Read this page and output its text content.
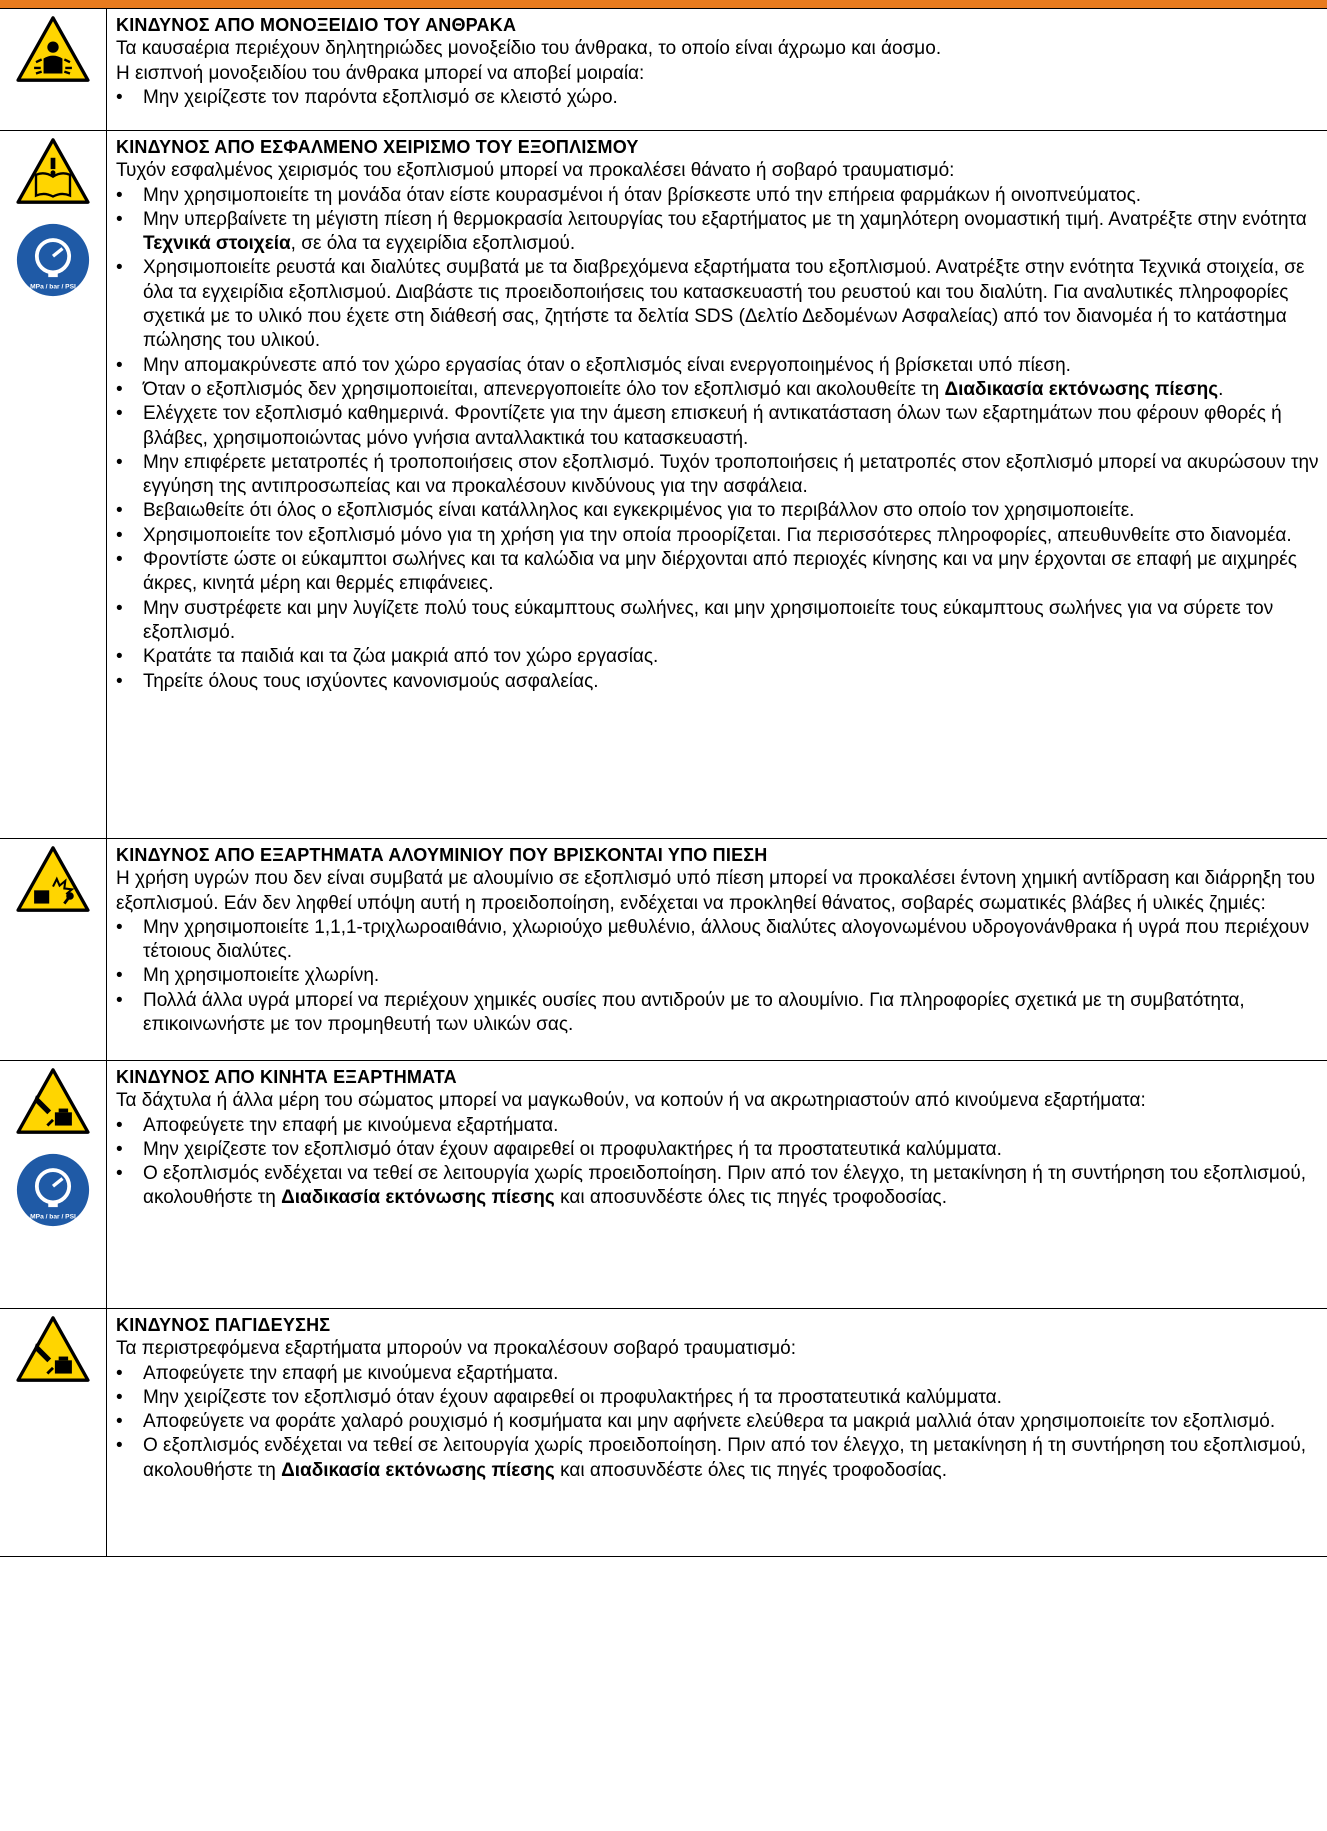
ΚΙΝΔΥΝΟΣ ΑΠΟ ΜΟΝΟΞΕΙΔΙΟ ΤΟΥ ΑΝΘΡΑΚΑ
Τα καυσαέρια περιέχουν δηλητηριώδες μονοξείδιο του άνθρακα, το οποίο είναι άχρωμο και άοσμο.
Η εισπνοή μονοξειδίου του άνθρακα μπορεί να αποβεί μοιραία:
•	Μην χειρίζεστε τον παρόντα εξοπλισμό σε κλειστό χώρο.
MPa / bar / PSI
ΚΙΝΔΥΝΟΣ ΑΠΟ ΕΣΦΑΛΜΕΝΟ ΧΕΙΡΙΣΜΟ ΤΟΥ ΕΞΟΠΛΙΣΜΟΥ
Τυχόν εσφαλμένος χειρισμός του εξοπλισμού μπορεί να προκαλέσει θάνατο ή σοβαρό τραυματισμό:
•	Μην χρησιμοποιείτε τη μονάδα όταν είστε κουρασμένοι ή όταν βρίσκεστε υπό την επήρεια φαρμάκων ή οινοπνεύματος.
•	Μην υπερβαίνετε τη μέγιστη πίεση ή θερμοκρασία λειτουργίας του εξαρτήματος με τη χαμηλότερη ονομαστική τιμή. Ανατρέξτε στην ενότητα Τεχνικά στοιχεία, σε όλα τα εγχειρίδια εξοπλισμού.
•	Χρησιμοποιείτε ρευστά και διαλύτες συμβατά με τα διαβρεχόμενα εξαρτήματα του εξοπλισμού. Ανατρέξτε στην ενότητα Τεχνικά στοιχεία, σε όλα τα εγχειρίδια εξοπλισμού. Διαβάστε τις προειδοποιήσεις του κατασκευαστή του ρευστού και του διαλύτη. Για αναλυτικές πληροφορίες σχετικά με το υλικό που έχετε στη διάθεσή σας, ζητήστε τα δελτία SDS (Δελτίο Δεδομένων Ασφαλείας) από τον διανομέα ή το κατάστημα πώλησης του υλικού.
•	Μην απομακρύνεστε από τον χώρο εργασίας όταν ο εξοπλισμός είναι ενεργοποιημένος ή βρίσκεται υπό πίεση.
•	Όταν ο εξοπλισμός δεν χρησιμοποιείται, απενεργοποιείτε όλο τον εξοπλισμό και ακολουθείτε τη Διαδικασία εκτόνωσης πίεσης.
•	Ελέγχετε τον εξοπλισμό καθημερινά. Φροντίζετε για την άμεση επισκευή ή αντικατάσταση όλων των εξαρτημάτων που φέρουν φθορές ή βλάβες, χρησιμοποιώντας μόνο γνήσια ανταλλακτικά του κατασκευαστή.
•	Μην επιφέρετε μετατροπές ή τροποποιήσεις στον εξοπλισμό. Τυχόν τροποποιήσεις ή μετατροπές στον εξοπλισμό μπορεί να ακυρώσουν την εγγύηση της αντιπροσωπείας και να προκαλέσουν κινδύνους για την ασφάλεια.
•	Βεβαιωθείτε ότι όλος ο εξοπλισμός είναι κατάλληλος και εγκεκριμένος για το περιβάλλον στο οποίο τον χρησιμοποιείτε.
•	Χρησιμοποιείτε τον εξοπλισμό μόνο για τη χρήση για την οποία προορίζεται. Για περισσότερες πληροφορίες, απευθυνθείτε στο διανομέα.
•	Φροντίστε ώστε οι εύκαμπτοι σωλήνες και τα καλώδια να μην διέρχονται από περιοχές κίνησης και να μην έρχονται σε επαφή με αιχμηρές άκρες, κινητά μέρη και θερμές επιφάνειες.
•	Μην συστρέφετε και μην λυγίζετε πολύ τους εύκαμπτους σωλήνες, και μην χρησιμοποιείτε τους εύκαμπτους σωλήνες για να σύρετε τον εξοπλισμό.
•	Κρατάτε τα παιδιά και τα ζώα μακριά από τον χώρο εργασίας.
•	Τηρείτε όλους τους ισχύοντες κανονισμούς ασφαλείας.
ΚΙΝΔΥΝΟΣ ΑΠΟ ΕΞΑΡΤΗΜΑΤΑ ΑΛΟΥΜΙΝΙΟΥ ΠΟΥ ΒΡΙΣΚΟΝΤΑΙ ΥΠΟ ΠΙΕΣΗ
Η χρήση υγρών που δεν είναι συμβατά με αλουμίνιο σε εξοπλισμό υπό πίεση μπορεί να προκαλέσει έντονη χημική αντίδραση και διάρρηξη του εξοπλισμού. Εάν δεν ληφθεί υπόψη αυτή η προειδοποίηση, ενδέχεται να προκληθεί θάνατος, σοβαρές σωματικές βλάβες ή υλικές ζημιές:
•	Μην χρησιμοποιείτε 1,1,1-τριχλωροαιθάνιο, χλωριούχο μεθυλένιο, άλλους διαλύτες αλογονωμένου υδρογονάνθρακα ή υγρά που περιέχουν τέτοιους διαλύτες.
•	Μη χρησιμοποιείτε χλωρίνη.
•	Πολλά άλλα υγρά μπορεί να περιέχουν χημικές ουσίες που αντιδρούν με το αλουμίνιο. Για πληροφορίες σχετικά με τη συμβατότητα, επικοινωνήστε με τον προμηθευτή των υλικών σας.
MPa / bar / PSI
ΚΙΝΔΥΝΟΣ ΑΠΟ ΚΙΝΗΤΑ ΕΞΑΡΤΗΜΑΤΑ
Τα δάχτυλα ή άλλα μέρη του σώματος μπορεί να μαγκωθούν, να κοπούν ή να ακρωτηριαστούν από κινούμενα εξαρτήματα:
•	Αποφεύγετε την επαφή με κινούμενα εξαρτήματα.
•	Μην χειρίζεστε τον εξοπλισμό όταν έχουν αφαιρεθεί οι προφυλακτήρες ή τα προστατευτικά καλύμματα.
•	Ο εξοπλισμός ενδέχεται να τεθεί σε λειτουργία χωρίς προειδοποίηση. Πριν από τον έλεγχο, τη μετακίνηση ή τη συντήρηση του εξοπλισμού, ακολουθήστε τη Διαδικασία εκτόνωσης πίεσης και αποσυνδέστε όλες τις πηγές τροφοδοσίας.
ΚΙΝΔΥΝΟΣ ΠΑΓΙΔΕΥΣΗΣ
Τα περιστρεφόμενα εξαρτήματα μπορούν να προκαλέσουν σοβαρό τραυματισμό:
•	Αποφεύγετε την επαφή με κινούμενα εξαρτήματα.
•	Μην χειρίζεστε τον εξοπλισμό όταν έχουν αφαιρεθεί οι προφυλακτήρες ή τα προστατευτικά καλύμματα.
•	Αποφεύγετε να φοράτε χαλαρό ρουχισμό ή κοσμήματα και μην αφήνετε ελεύθερα τα μακριά μαλλιά όταν χρησιμοποιείτε τον εξοπλισμό.
•	Ο εξοπλισμός ενδέχεται να τεθεί σε λειτουργία χωρίς προειδοποίηση. Πριν από τον έλεγχο, τη μετακίνηση ή τη συντήρηση του εξοπλισμού, ακολουθήστε τη Διαδικασία εκτόνωσης πίεσης και αποσυνδέστε όλες τις πηγές τροφοδοσίας.
